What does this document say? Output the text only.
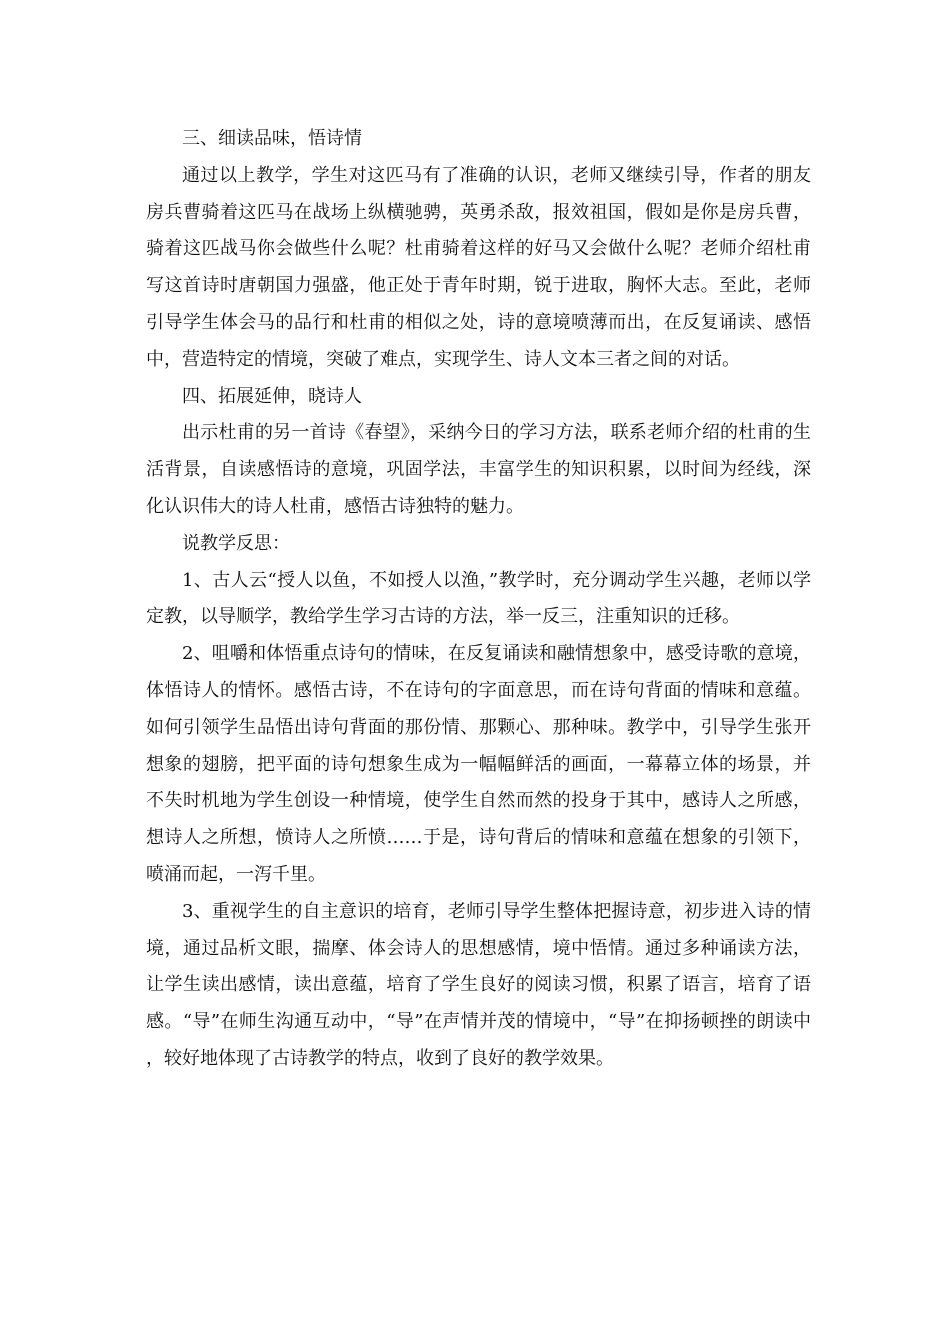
三、细读品味，悟诗情

通过以上教学，学生对这匹马有了准确的认识，老师又继续引导，作者的朋友房兵曹骑着这匹马在战场上纵横驰骋，英勇杀敌，报效祖国，假如是你是房兵曹，骑着这匹战马你会做些什么呢？杜甫骑着这样的好马又会做什么呢？老师介绍杜甫写这首诗时唐朝国力强盛，他正处于青年时期，锐于进取，胸怀大志。至此，老师引导学生体会马的品行和杜甫的相似之处，诗的意境喷薄而出，在反复诵读、感悟中，营造特定的情境，突破了难点，实现学生、诗人文本三者之间的对话。

四、拓展延伸，晓诗人

出示杜甫的另一首诗《春望》，采纳今日的学习方法，联系老师介绍的杜甫的生活背景，自读感悟诗的意境，巩固学法，丰富学生的知识积累，以时间为经线，深化认识伟大的诗人杜甫，感悟古诗独特的魅力。

说教学反思：

1、古人云“授人以鱼，不如授人以渔，”教学时，充分调动学生兴趣，老师以学定教，以导顺学，教给学生学习古诗的方法，举一反三，注重知识的迁移。

2、咀嚼和体悟重点诗句的情味，在反复诵读和融情想象中，感受诗歌的意境，体悟诗人的情怀。感悟古诗，不在诗句的字面意思，而在诗句背面的情味和意蕴。如何引领学生品悟出诗句背面的那份情、那颗心、那种味。教学中，引导学生张开想象的翅膀，把平面的诗句想象生成为一幅幅鲜活的画面，一幕幕立体的场景，并不失时机地为学生创设一种情境，使学生自然而然的投身于其中，感诗人之所感，想诗人之所想，愤诗人之所愤……于是，诗句背后的情味和意蕴在想象的引领下，喷涌而起，一泻千里。

3、重视学生的自主意识的培育，老师引导学生整体把握诗意，初步进入诗的情境，通过品析文眼，揣摩、体会诗人的思想感情，境中悟情。通过多种诵读方法，让学生读出感情，读出意蕴，培育了学生良好的阅读习惯，积累了语言，培育了语感。“导”在师生沟通互动中，“导”在声情并茂的情境中，“导”在抑扬顿挫的朗读中，较好地体现了古诗教学的特点，收到了良好的教学效果。
